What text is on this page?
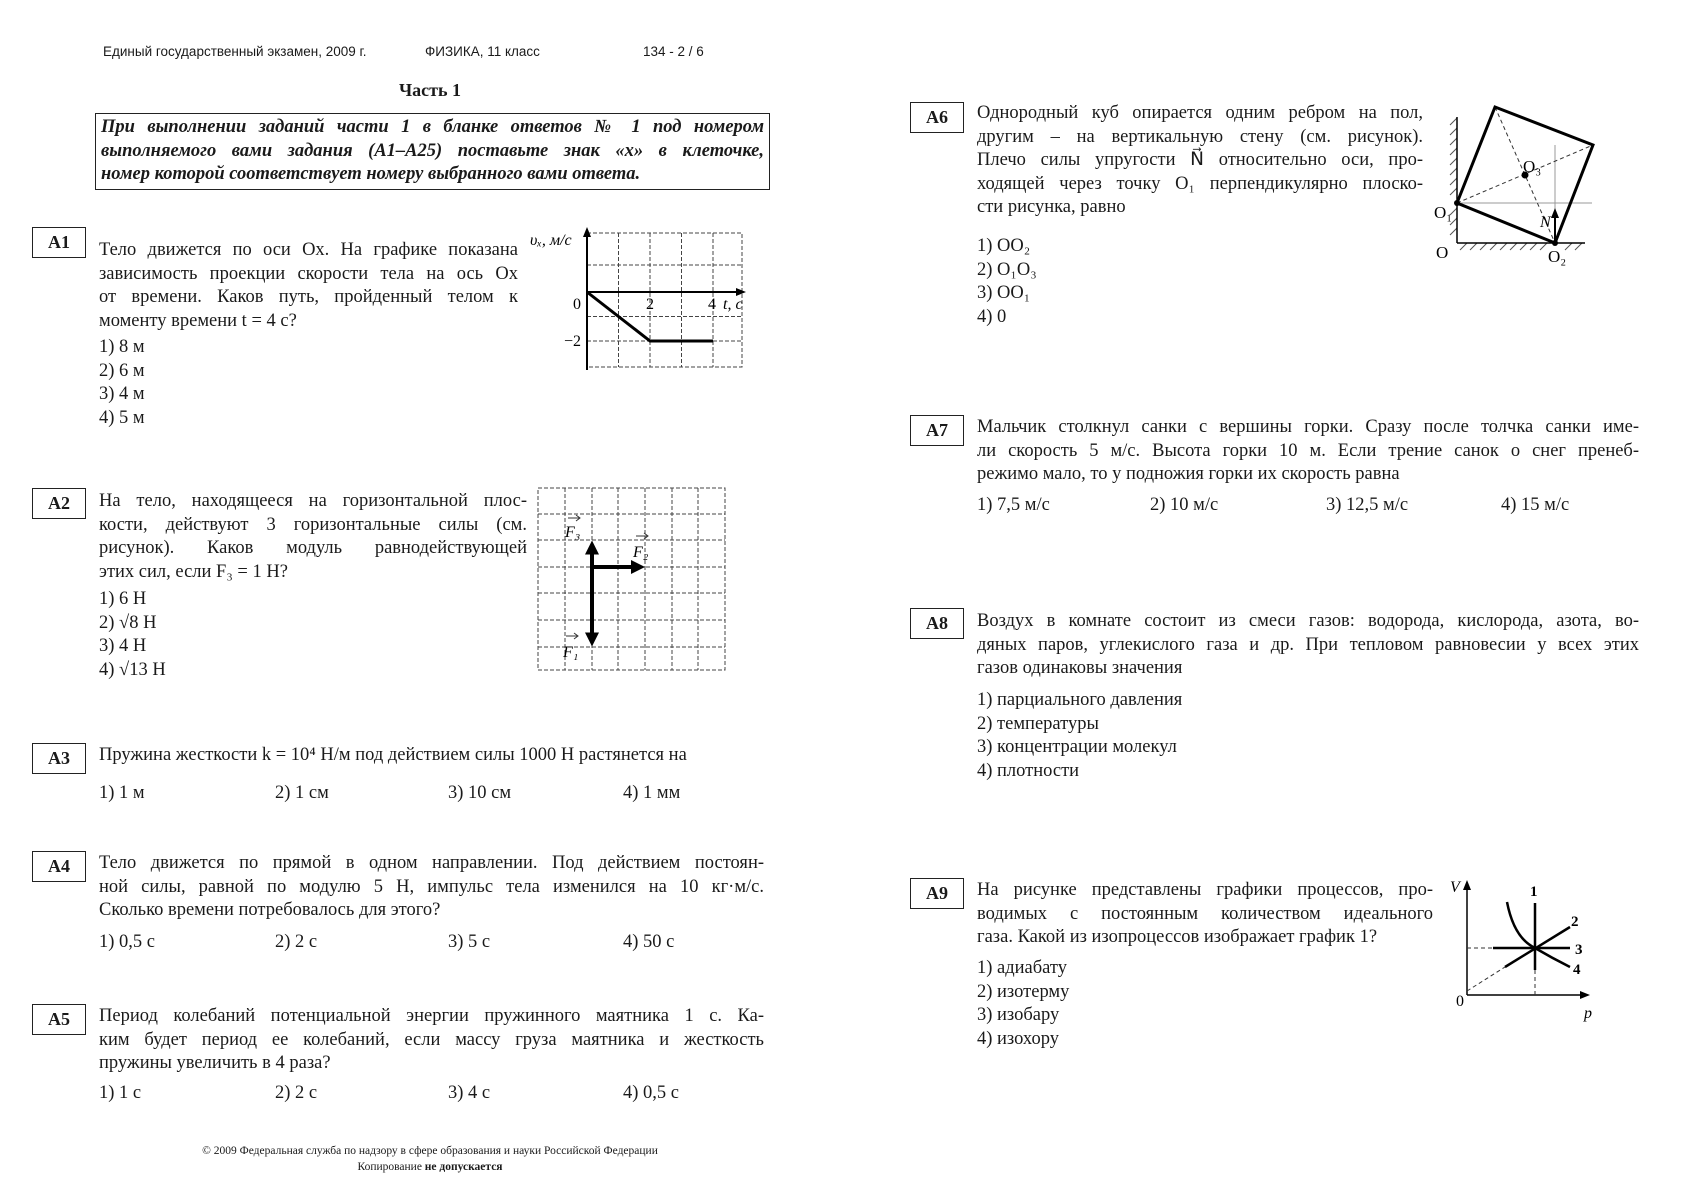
Единый государственный экзамен, 2009 г.	ФИЗИКА, 11 класс	134 - 2 / 6
Часть 1
При выполнении заданий части 1 в бланке ответов № 1 под номером
выполняемого вами задания (А1–А25) поставьте знак «х» в клеточке,
номер которой соответствует номеру выбранного вами ответа.
А1	Тело движется по оси Ох. На графике показана
зависимость проекции скорости тела на ось Ох
от времени. Каков путь, пройденный телом к
моменту времени t = 4 с?
1) 8 м
2) 6 м
3) 4 м
4) 5 м
А2	На тело, находящееся на горизонтальной плос-
кости, действуют 3 горизонтальные силы (см.
рисунок). Каков модуль равнодействующей
этих сил, если F₃ = 1 Н?
1) 6 Н
2) √8 Н
3) 4 Н
4) √13 Н
А3	Пружина жесткости k = 10⁴ Н/м под действием силы 1000 Н растянется на
1) 1 м	2) 1 см	3) 10 см	4) 1 мм
А4	Тело движется по прямой в одном направлении. Под действием постоян-
ной силы, равной по модулю 5 Н, импульс тела изменился на 10 кг·м/с.
Сколько времени потребовалось для этого?
1) 0,5 с	2) 2 с	3) 5 с	4) 50 с
А5	Период колебаний потенциальной энергии пружинного маятника 1 с. Ка-
ким будет период ее колебаний, если массу груза маятника и жесткость
пружины увеличить в 4 раза?
1) 1 с	2) 2 с	3) 4 с	4) 0,5 с
А6	Однородный куб опирается одним ребром на пол,
другим – на вертикальную стену (см. рисунок).
Плечо силы упругости N⃗ относительно оси, про-
ходящей через точку O₁ перпендикулярно плоско-
сти рисунка, равно
1) OO₂
2) O₁O₃
3) OO₁
4) 0
А7	Мальчик столкнул санки с вершины горки. Сразу после толчка санки име-
ли скорость 5 м/с. Высота горки 10 м. Если трение санок о снег пренеб-
режимо мало, то у подножия горки их скорость равна
1) 7,5 м/с	2) 10 м/с	3) 12,5 м/с	4) 15 м/с
А8	Воздух в комнате состоит из смеси газов: водорода, кислорода, азота, во-
дяных паров, углекислого газа и др. При тепловом равновесии у всех этих
газов одинаковы значения
1) парциального давления
2) температуры
3) концентрации молекул
4) плотности
А9	На рисунке представлены графики процессов, про-
водимых с постоянным количеством идеального
газа. Какой из изопроцессов изображает график 1?
1) адиабату
2) изотерму
3) изобару
4) изохору
υₓ, м/с
0	2	4 t, с
−2
F₃
F₂
F₁
O₃
O₁
O	O₂
N
V	1
2
3
4
0
p
© 2009 Федеральная служба по надзору в сфере образования и науки Российской Федерации
Копирование не допускается
